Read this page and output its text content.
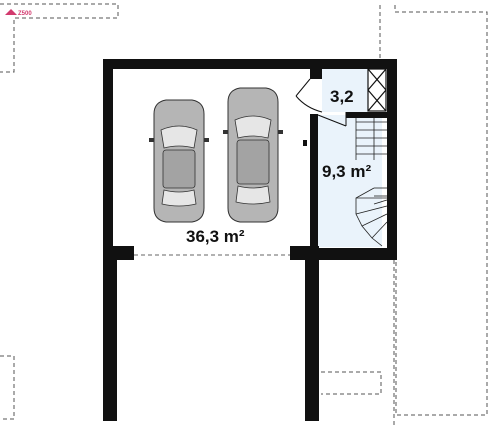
Z500
36,3 m²
3,2
9,3 m²
